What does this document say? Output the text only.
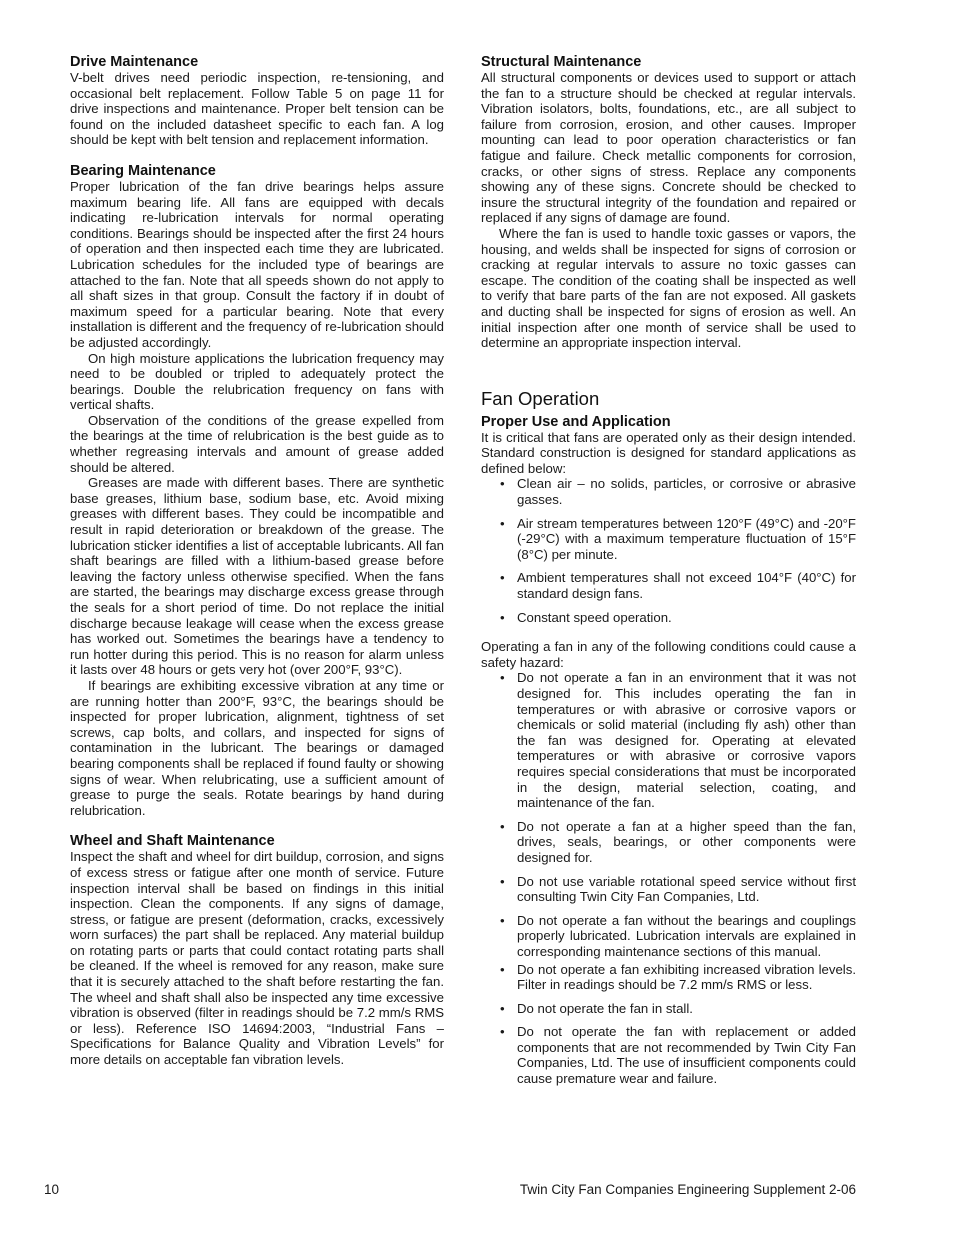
Drive Maintenance

V-belt drives need periodic inspection, re-tensioning, and occasional belt replacement. Follow Table 5 on page 11 for drive inspections and maintenance. Proper belt tension can be found on the included datasheet specific to each fan. A log should be kept with belt tension and replacement information.

Bearing Maintenance

Proper lubrication of the fan drive bearings helps assure maximum bearing life. All fans are equipped with decals indicating re-lubrication intervals for normal operating conditions. Bearings should be inspected after the first 24 hours of operation and then inspected each time they are lubricated. Lubrication schedules for the included type of bearings are attached to the fan. Note that all speeds shown do not apply to all shaft sizes in that group. Consult the factory if in doubt of maximum speed for a particular bearing. Note that every installation is different and the frequency of re-lubrication should be adjusted accordingly.

On high moisture applications the lubrication frequency may need to be doubled or tripled to adequately protect the bearings. Double the relubrication frequency on fans with vertical shafts.

Observation of the conditions of the grease expelled from the bearings at the time of relubrication is the best guide as to whether regreasing intervals and amount of grease added should be altered.

Greases are made with different bases. There are synthetic base greases, lithium base, sodium base, etc. Avoid mixing greases with different bases. They could be incompatible and result in rapid deterioration or breakdown of the grease. The lubrication sticker identifies a list of acceptable lubricants. All fan shaft bearings are filled with a lithium-based grease before leaving the factory unless otherwise specified. When the fans are started, the bearings may discharge excess grease through the seals for a short period of time. Do not replace the initial discharge because leakage will cease when the excess grease has worked out. Sometimes the bearings have a tendency to run hotter during this period. This is no reason for alarm unless it lasts over 48 hours or gets very hot (over 200°F, 93°C).

If bearings are exhibiting excessive vibration at any time or are running hotter than 200°F, 93°C, the bearings should be inspected for proper lubrication, alignment, tightness of set screws, cap bolts, and collars, and inspected for signs of contamination in the lubricant. The bearings or damaged bearing components shall be replaced if found faulty or showing signs of wear. When relubricating, use a sufficient amount of grease to purge the seals. Rotate bearings by hand during relubrication.

Wheel and Shaft Maintenance

Inspect the shaft and wheel for dirt buildup, corrosion, and signs of excess stress or fatigue after one month of service. Future inspection interval shall be based on findings in this initial inspection. Clean the components. If any signs of damage, stress, or fatigue are present (deformation, cracks, excessively worn surfaces) the part shall be replaced. Any material buildup on rotating parts or parts that could contact rotating parts shall be cleaned. If the wheel is removed for any reason, make sure that it is securely attached to the shaft before restarting the fan. The wheel and shaft shall also be inspected any time excessive vibration is observed (filter in readings should be 7.2 mm/s RMS or less). Reference ISO 14694:2003, “Industrial Fans – Specifications for Balance Quality and Vibration Levels” for more details on acceptable fan vibration levels.

Structural Maintenance

All structural components or devices used to support or attach the fan to a structure should be checked at regular intervals. Vibration isolators, bolts, foundations, etc., are all subject to failure from corrosion, erosion, and other causes. Improper mounting can lead to poor operation characteristics or fan fatigue and failure. Check metallic components for corrosion, cracks, or other signs of stress. Replace any components showing any of these signs. Concrete should be checked to insure the structural integrity of the foundation and repaired or replaced if any signs of damage are found.

Where the fan is used to handle toxic gasses or vapors, the housing, and welds shall be inspected for signs of corrosion or cracking at regular intervals to assure no toxic gasses can escape. The condition of the coating shall be inspected as well to verify that bare parts of the fan are not exposed. All gaskets and ducting shall be inspected for signs of erosion as well. An initial inspection after one month of service shall be used to determine an appropriate inspection interval.

Fan Operation
Proper Use and Application

It is critical that fans are operated only as their design intended. Standard construction is designed for standard applications as defined below:

• Clean air – no solids, particles, or corrosive or abrasive gasses.
• Air stream temperatures between 120°F (49°C) and -20°F (-29°C) with a maximum temperature fluctuation of 15°F (8°C) per minute.
• Ambient temperatures shall not exceed 104°F (40°C) for standard design fans.
• Constant speed operation.

Operating a fan in any of the following conditions could cause a safety hazard:

• Do not operate a fan in an environment that it was not designed for. This includes operating the fan in temperatures or with abrasive or corrosive vapors or chemicals or solid material (including fly ash) other than the fan was designed for. Operating at elevated temperatures or with abrasive or corrosive vapors requires special considerations that must be incorporated in the design, material selection, coating, and maintenance of the fan.
• Do not operate a fan at a higher speed than the fan, drives, seals, bearings, or other components were designed for.
• Do not use variable rotational speed service without first consulting Twin City Fan Companies, Ltd.
• Do not operate a fan without the bearings and couplings properly lubricated. Lubrication intervals are explained in corresponding maintenance sections of this manual.
• Do not operate a fan exhibiting increased vibration levels. Filter in readings should be 7.2 mm/s RMS or less.
• Do not operate the fan in stall.
• Do not operate the fan with replacement or added components that are not recommended by Twin City Fan Companies, Ltd. The use of insufficient components could cause premature wear and failure.
10	Twin City Fan Companies Engineering Supplement 2-06
